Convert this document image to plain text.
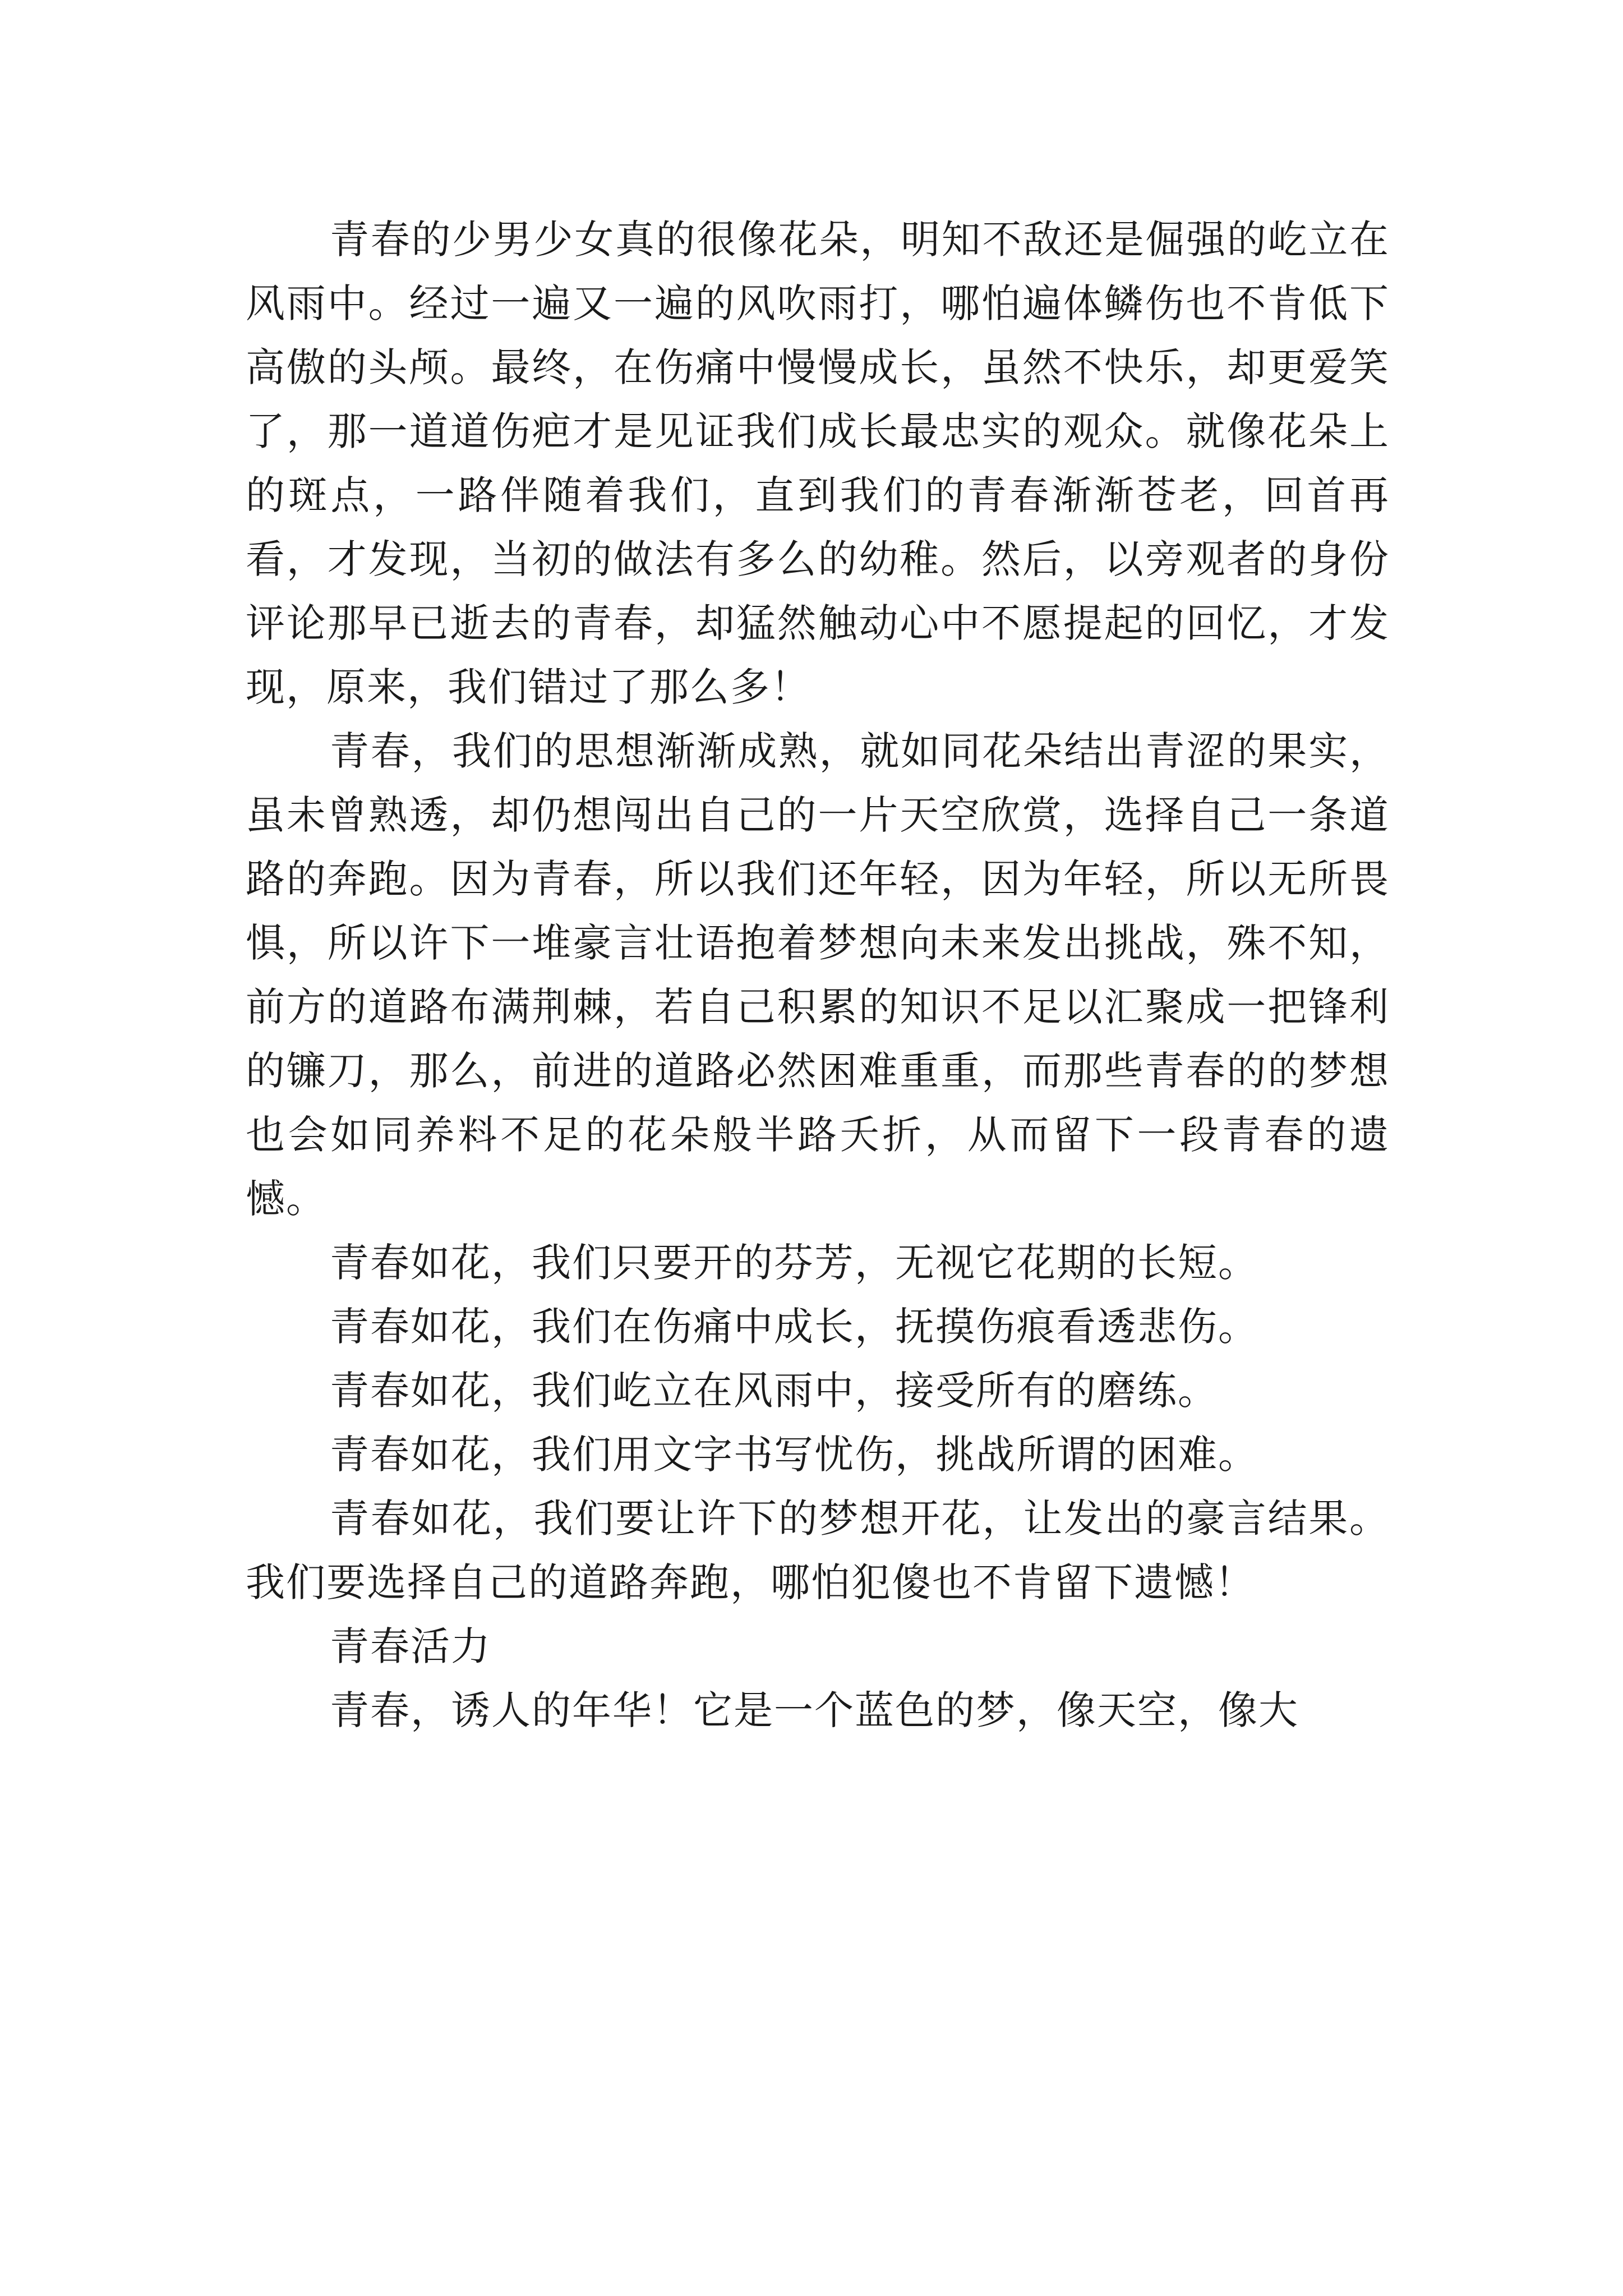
青春的少男少女真的很像花朵，明知不敌还是倔强的屹立在风雨中。经过一遍又一遍的风吹雨打，哪怕遍体鳞伤也不肯低下高傲的头颅。最终，在伤痛中慢慢成长，虽然不快乐，却更爱笑了，那一道道伤疤才是见证我们成长最忠实的观众。就像花朵上的斑点，一路伴随着我们，直到我们的青春渐渐苍老，回首再看，才发现，当初的做法有多么的幼稚。然后，以旁观者的身份评论那早已逝去的青春，却猛然触动心中不愿提起的回忆，才发现，原来，我们错过了那么多！

青春，我们的思想渐渐成熟，就如同花朵结出青涩的果实，虽未曾熟透，却仍想闯出自己的一片天空欣赏，选择自己一条道路的奔跑。因为青春，所以我们还年轻，因为年轻，所以无所畏惧，所以许下一堆豪言壮语抱着梦想向未来发出挑战，殊不知，前方的道路布满荆棘，若自己积累的知识不足以汇聚成一把锋利的镰刀，那么，前进的道路必然困难重重，而那些青春的的梦想也会如同养料不足的花朵般半路夭折，从而留下一段青春的遗憾。

青春如花，我们只要开的芬芳，无视它花期的长短。

青春如花，我们在伤痛中成长，抚摸伤痕看透悲伤。

青春如花，我们屹立在风雨中，接受所有的磨练。

青春如花，我们用文字书写忧伤，挑战所谓的困难。

青春如花，我们要让许下的梦想开花，让发出的豪言结果。我们要选择自己的道路奔跑，哪怕犯傻也不肯留下遗憾！

青春活力

青春，诱人的年华！它是一个蓝色的梦，像天空，像大
